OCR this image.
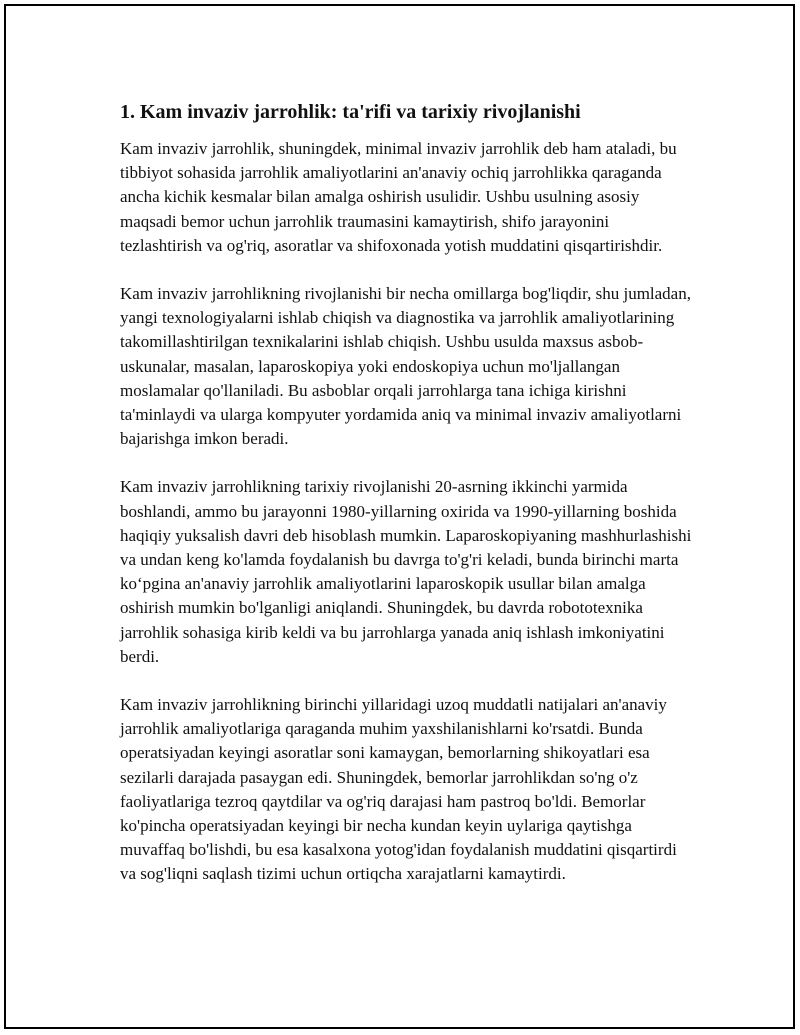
1. Kam invaziv jarrohlik: ta'rifi va tarixiy rivojlanishi

Kam invaziv jarrohlik, shuningdek, minimal invaziv jarrohlik deb ham ataladi, bu tibbiyot sohasida jarrohlik amaliyotlarini an'anaviy ochiq jarrohlikka qaraganda ancha kichik kesmalar bilan amalga oshirish usulidir. Ushbu usulning asosiy maqsadi bemor uchun jarrohlik traumasini kamaytirish, shifo jarayonini tezlashtirish va og'riq, asoratlar va shifoxonada yotish muddatini qisqartirishdir.

Kam invaziv jarrohlikning rivojlanishi bir necha omillarga bog'liqdir, shu jumladan, yangi texnologiyalarni ishlab chiqish va diagnostika va jarrohlik amaliyotlarining takomillashtirilgan texnikalarini ishlab chiqish. Ushbu usulda maxsus asbob-uskunalar, masalan, laparoskopiya yoki endoskopiya uchun mo'ljallangan moslamalar qo'llaniladi. Bu asboblar orqali jarrohlarga tana ichiga kirishni ta'minlaydi va ularga kompyuter yordamida aniq va minimal invaziv amaliyotlarni bajarishga imkon beradi.

Kam invaziv jarrohlikning tarixiy rivojlanishi 20-asrning ikkinchi yarmida boshlandi, ammo bu jarayonni 1980-yillarning oxirida va 1990-yillarning boshida haqiqiy yuksalish davri deb hisoblash mumkin. Laparoskopiyaning mashhurlashishi va undan keng ko'lamda foydalanish bu davrga to'g'ri keladi, bunda birinchi marta ko‘pgina an'anaviy jarrohlik amaliyotlarini laparoskopik usullar bilan amalga oshirish mumkin bo'lganligi aniqlandi. Shuningdek, bu davrda robototexnika jarrohlik sohasiga kirib keldi va bu jarrohlarga yanada aniq ishlash imkoniyatini berdi.

Kam invaziv jarrohlikning birinchi yillaridagi uzoq muddatli natijalari an'anaviy jarrohlik amaliyotlariga qaraganda muhim yaxshilanishlarni ko'rsatdi. Bunda operatsiyadan keyingi asoratlar soni kamaygan, bemorlarning shikoyatlari esa sezilarli darajada pasaygan edi. Shuningdek, bemorlar jarrohlikdan so'ng o'z faoliyatlariga tezroq qaytdilar va og'riq darajasi ham pastroq bo'ldi. Bemorlar ko'pincha operatsiyadan keyingi bir necha kundan keyin uylariga qaytishga muvaffaq bo'lishdi, bu esa kasalxona yotog'idan foydalanish muddatini qisqartirdi va sog'liqni saqlash tizimi uchun ortiqcha xarajatlarni kamaytirdi.
